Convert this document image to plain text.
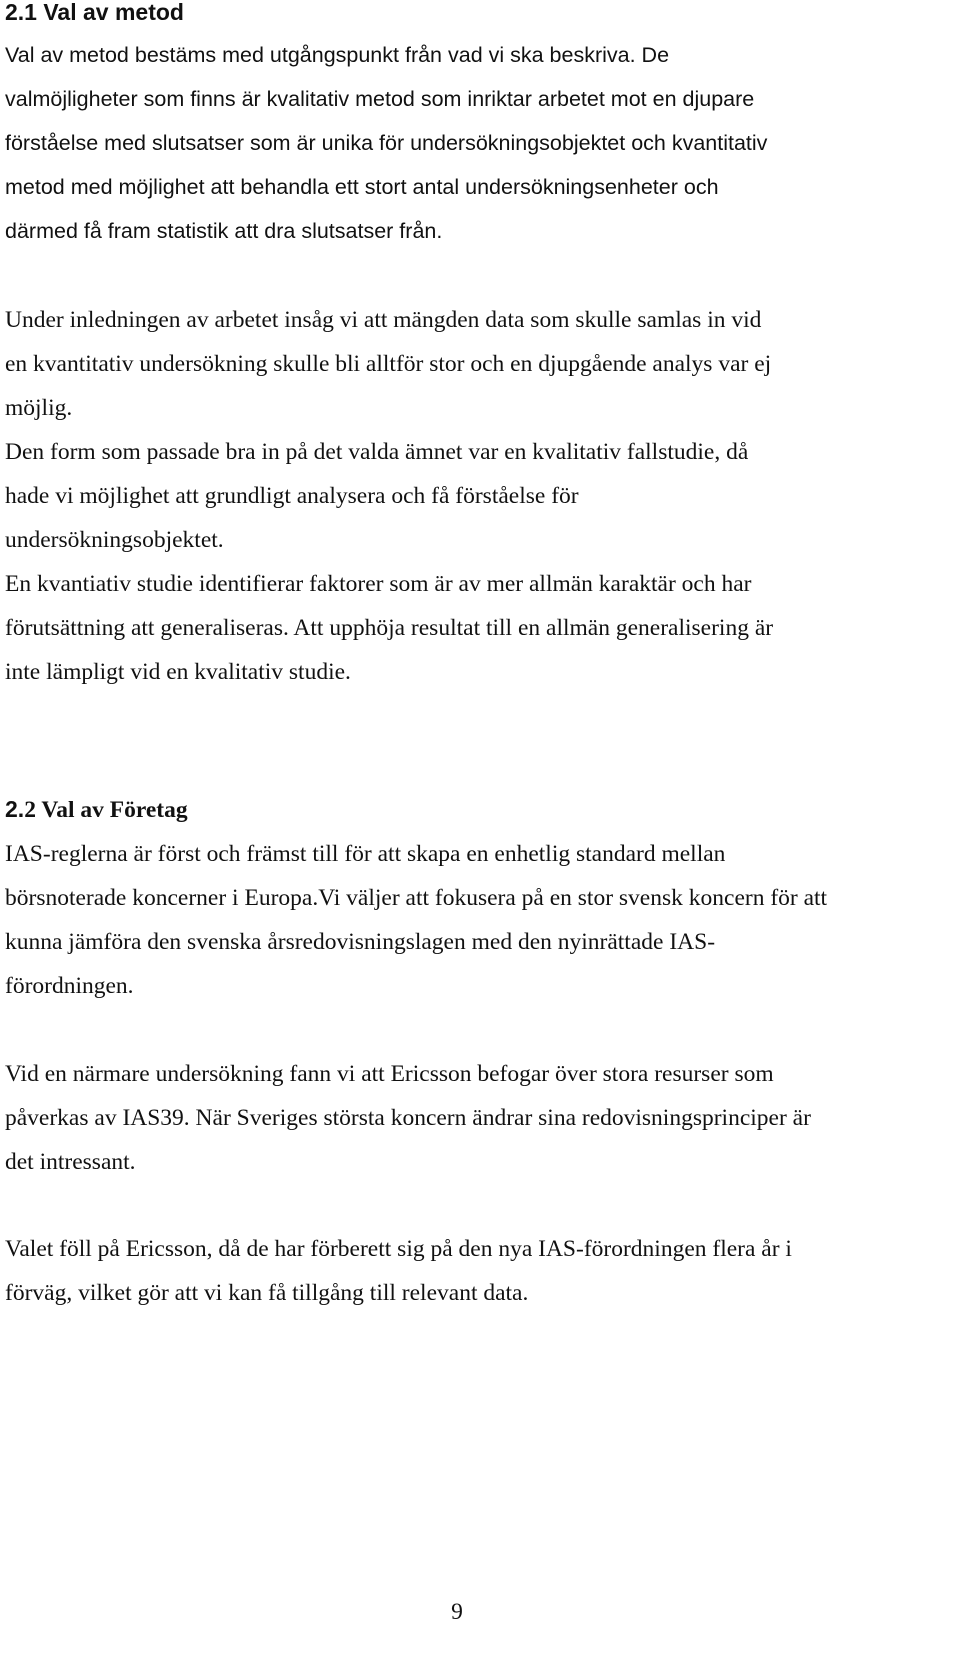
2.1 Val av metod
Val av metod bestäms med utgångspunkt från vad vi ska beskriva. De
valmöjligheter som finns är kvalitativ metod som inriktar arbetet mot en djupare
förståelse med slutsatser som är unika för undersökningsobjektet och kvantitativ
metod med möjlighet att behandla ett stort antal undersökningsenheter och
därmed få fram statistik att dra slutsatser från.
Under inledningen av arbetet insåg vi att mängden data som skulle samlas in vid
en kvantitativ undersökning skulle bli alltför stor och en djupgående analys var ej
möjlig.
Den form som passade bra in på det valda ämnet var en kvalitativ fallstudie, då
hade vi möjlighet att grundligt analysera och få förståelse för
undersökningsobjektet.
En kvantiativ studie identifierar faktorer som är av mer allmän karaktär och har
förutsättning att generaliseras. Att upphöja resultat till en allmän generalisering är
inte lämpligt vid en kvalitativ studie.
2.2 Val av Företag
IAS-reglerna är först och främst till för att skapa en enhetlig standard mellan
börsnoterade koncerner i Europa.Vi väljer att fokusera på en stor svensk koncern för att
kunna jämföra den svenska årsredovisningslagen med den nyinrättade IAS-
förordningen.
Vid en närmare undersökning fann vi att Ericsson befogar över stora resurser som
påverkas av IAS39. När Sveriges största koncern ändrar sina redovisningsprinciper är
det intressant.
Valet föll på Ericsson, då de har förberett sig på den nya IAS-förordningen flera år i
förväg, vilket gör att vi kan få tillgång till relevant data.

9
